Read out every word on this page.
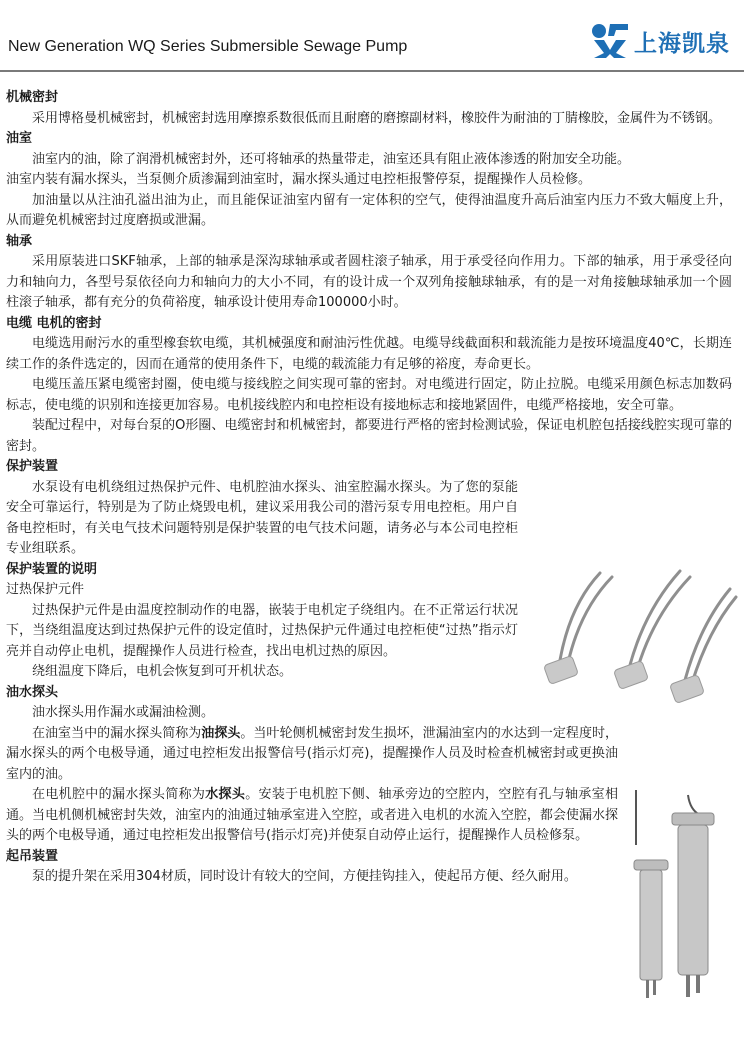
New Generation WQ Series Submersible Sewage Pump	上海凯泉

机械密封

采用博格曼机械密封，机械密封选用摩擦系数很低而且耐磨的磨擦副材料，橡胶件为耐油的丁腈橡胶，金属件为不锈钢。

油室

油室内的油，除了润滑机械密封外，还可将轴承的热量带走，油室还具有阻止液体渗透的附加安全功能。

油室内装有漏水探头，当泵侧介质渗漏到油室时，漏水探头通过电控柜报警停泵，提醒操作人员检修。

加油量以从注油孔溢出油为止，而且能保证油室内留有一定体积的空气，使得油温度升高后油室内压力不致大幅度上升，从而避免机械密封过度磨损或泄漏。

轴承

采用原装进口SKF轴承，上部的轴承是深沟球轴承或者圆柱滚子轴承，用于承受径向作用力。下部的轴承，用于承受径向力和轴向力，各型号泵依径向力和轴向力的大小不同，有的设计成一个双列角接触球轴承，有的是一对角接触球轴承加一个圆柱滚子轴承，都有充分的负荷裕度，轴承设计使用寿命100000小时。

电缆 电机的密封

电缆选用耐污水的重型橡套软电缆，其机械强度和耐油污性优越。电缆导线截面积和载流能力是按环境温度40℃，长期连续工作的条件选定的，因而在通常的使用条件下，电缆的载流能力有足够的裕度，寿命更长。

电缆压盖压紧电缆密封圈，使电缆与接线腔之间实现可靠的密封。对电缆进行固定，防止拉脱。电缆采用颜色标志加数码标志，使电缆的识别和连接更加容易。电机接线腔内和电控柜设有接地标志和接地紧固件，电缆严格接地，安全可靠。

装配过程中，对每台泵的O形圈、电缆密封和机械密封，都要进行严格的密封检测试验，保证电机腔包括接线腔实现可靠的密封。

保护装置

水泵设有电机绕组过热保护元件、电机腔油水探头、油室腔漏水探头。为了您的泵能安全可靠运行，特别是为了防止烧毁电机，建议采用我公司的潜污泵专用电控柜。用户自备电控柜时，有关电气技术问题特别是保护装置的电气技术问题，请务必与本公司电控柜专业组联系。

保护装置的说明

过热保护元件

过热保护元件是由温度控制动作的电器，嵌装于电机定子绕组内。在不正常运行状况下，当绕组温度达到过热保护元件的设定值时，过热保护元件通过电控柜使“过热”指示灯亮并自动停止电机，提醒操作人员进行检查，找出电机过热的原因。

绕组温度下降后，电机会恢复到可开机状态。

油水探头

油水探头用作漏水或漏油检测。

在油室当中的漏水探头简称为油探头。当叶轮侧机械密封发生损坏，泄漏油室内的水达到一定程度时，漏水探头的两个电极导通，通过电控柜发出报警信号(指示灯亮)，提醒操作人员及时检查机械密封或更换油室内的油。

在电机腔中的漏水探头简称为水探头。安装于电机腔下侧、轴承旁边的空腔内，空腔有孔与轴承室相通。当电机侧机械密封失效，油室内的油通过轴承室进入空腔，或者进入电机的水流入空腔，都会使漏水探头的两个电极导通，通过电控柜发出报警信号(指示灯亮)并使泵自动停止运行，提醒操作人员检修泵。

起吊装置

泵的提升架在采用304材质，同时设计有较大的空间，方便挂钩挂入，使起吊方便、经久耐用。
